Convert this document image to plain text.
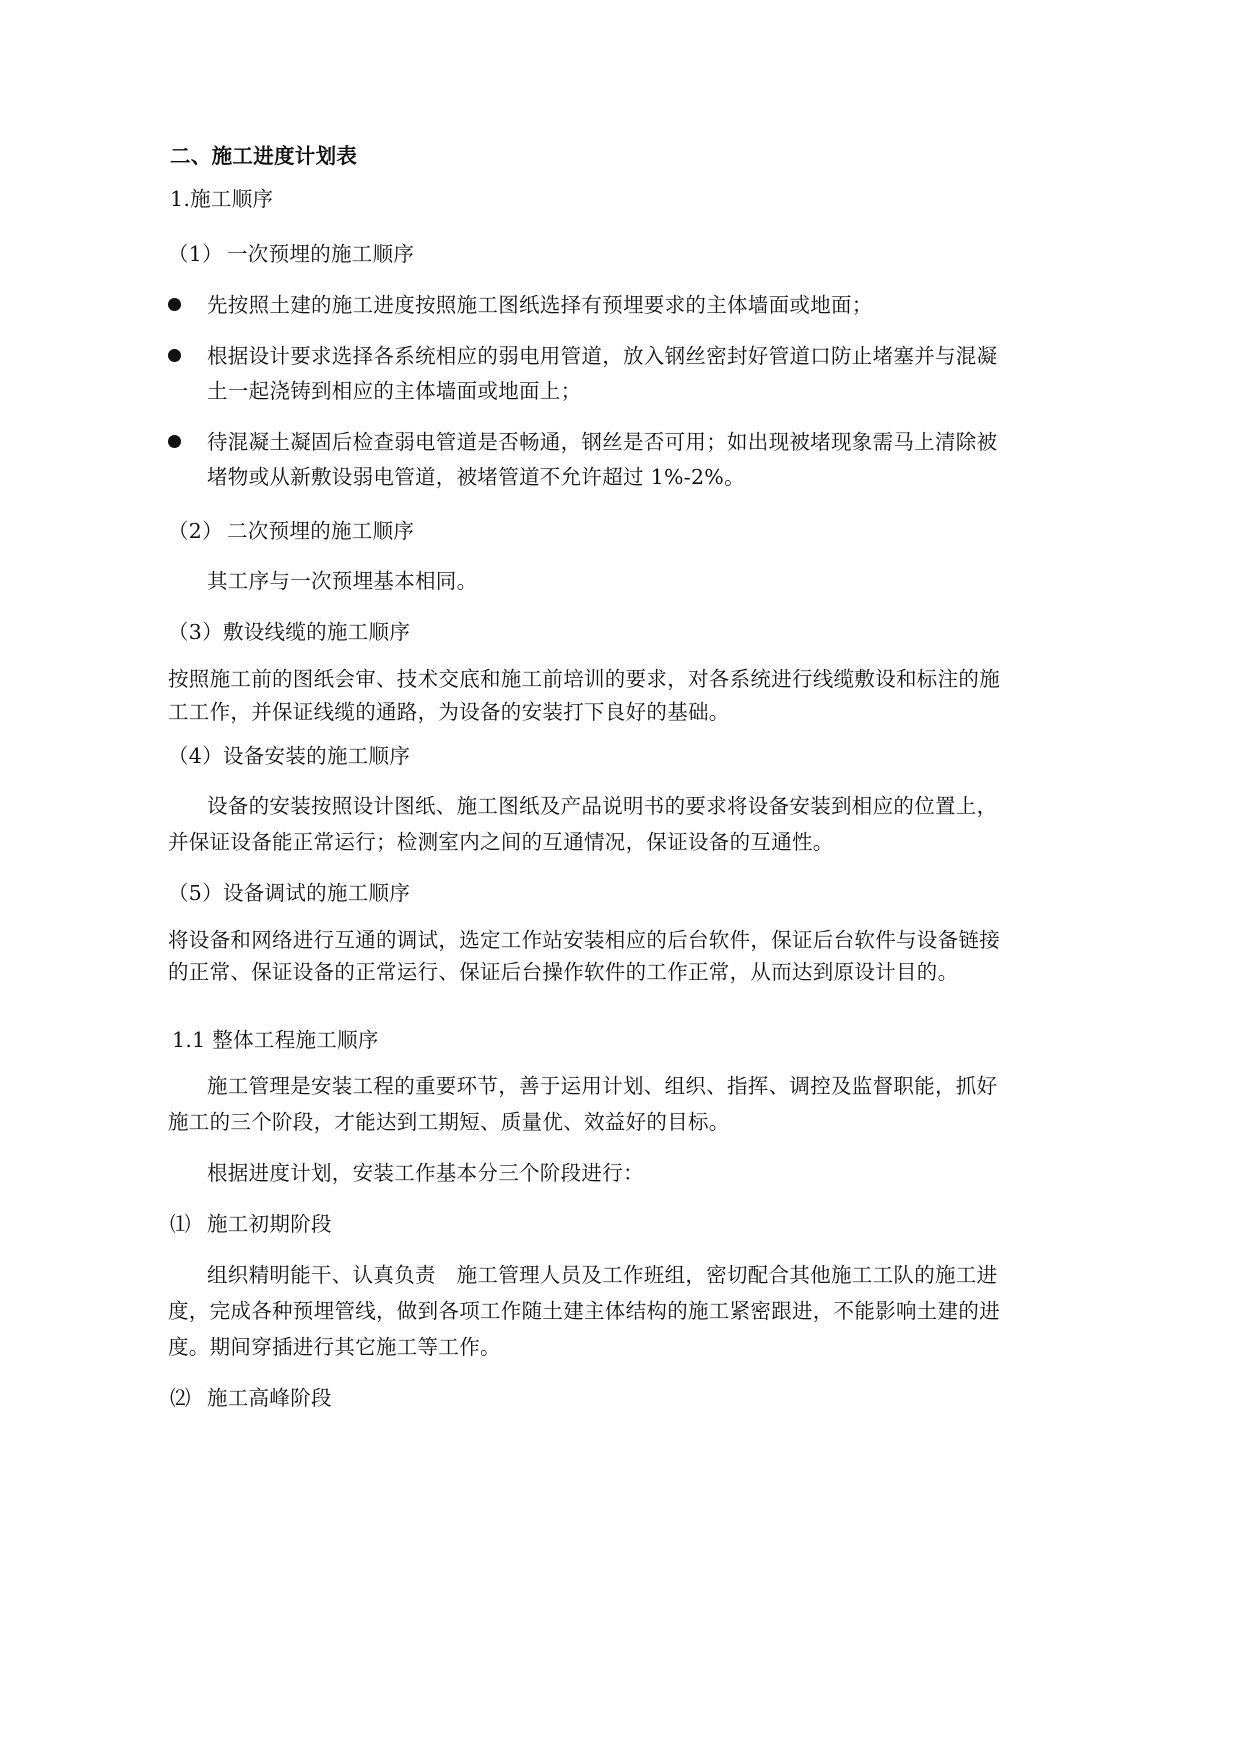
二、施工进度计划表
1.施工顺序
（1） 一次预埋的施工顺序
先按照土建的施工进度按照施工图纸选择有预埋要求的主体墙面或地面；
根据设计要求选择各系统相应的弱电用管道，放入钢丝密封好管道口防止堵塞并与混凝
土一起浇铸到相应的主体墙面或地面上；
待混凝土凝固后检查弱电管道是否畅通，钢丝是否可用；如出现被堵现象需马上清除被
堵物或从新敷设弱电管道，被堵管道不允许超过 1%-2%。
（2） 二次预埋的施工顺序
其工序与一次预埋基本相同。
（3）敷设线缆的施工顺序
按照施工前的图纸会审、技术交底和施工前培训的要求，对各系统进行线缆敷设和标注的施
工工作，并保证线缆的通路，为设备的安装打下良好的基础。
（4）设备安装的施工顺序
设备的安装按照设计图纸、施工图纸及产品说明书的要求将设备安装到相应的位置上，
并保证设备能正常运行；检测室内之间的互通情况，保证设备的互通性。
（5）设备调试的施工顺序
将设备和网络进行互通的调试，选定工作站安装相应的后台软件，保证后台软件与设备链接
的正常、保证设备的正常运行、保证后台操作软件的工作正常，从而达到原设计目的。
1.1 整体工程施工顺序
施工管理是安装工程的重要环节，善于运用计划、组织、指挥、调控及监督职能，抓好
施工的三个阶段，才能达到工期短、质量优、效益好的目标。
根据进度计划，安装工作基本分三个阶段进行：
⑴ 施工初期阶段
组织精明能干、认真负责　施工管理人员及工作班组，密切配合其他施工工队的施工进
度，完成各种预埋管线，做到各项工作随土建主体结构的施工紧密跟进，不能影响土建的进
度。期间穿插进行其它施工等工作。
⑵ 施工高峰阶段
